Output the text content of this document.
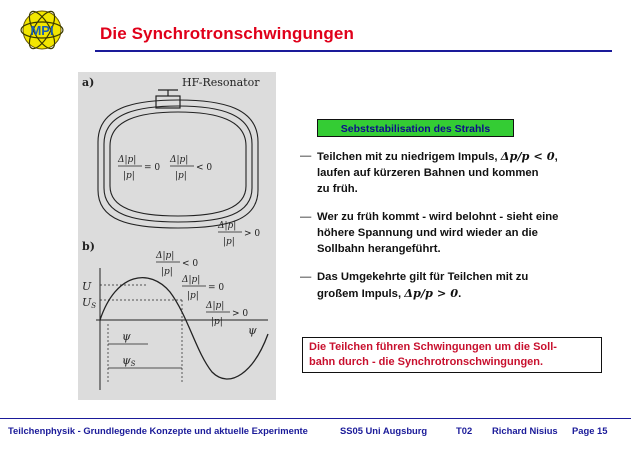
MPI	Die Synchrotronschwingungen
a)	HF-Resonator
Δ|p|
|p|
= 0
Δ|p|
|p|
< 0
Δ|p|
|p|
> 0
b)
Δ|p|
|p|
< 0
Δ|p|
|p|
= 0
Δ|p|
|p|
> 0
ψ
U
US
ψ
ψS
Sebststabilisation des Strahls
— Teilchen mit zu niedrigem Impuls, Δp/p < 0,
laufen auf kürzeren Bahnen und kommen
zu früh.
— Wer zu früh kommt - wird belohnt - sieht eine
höhere Spannung und wird wieder an die
Sollbahn herangeführt.
— Das Umgekehrte gilt für Teilchen mit zu
großem Impuls, Δp/p > 0.
Die Teilchen führen Schwingungen um die Soll-
bahn durch - die Synchrotronschwingungen.
Teilchenphysik - Grundlegende Konzepte und aktuelle Experimente	SS05 Uni Augsburg	T02	Richard Nisius	Page 15
